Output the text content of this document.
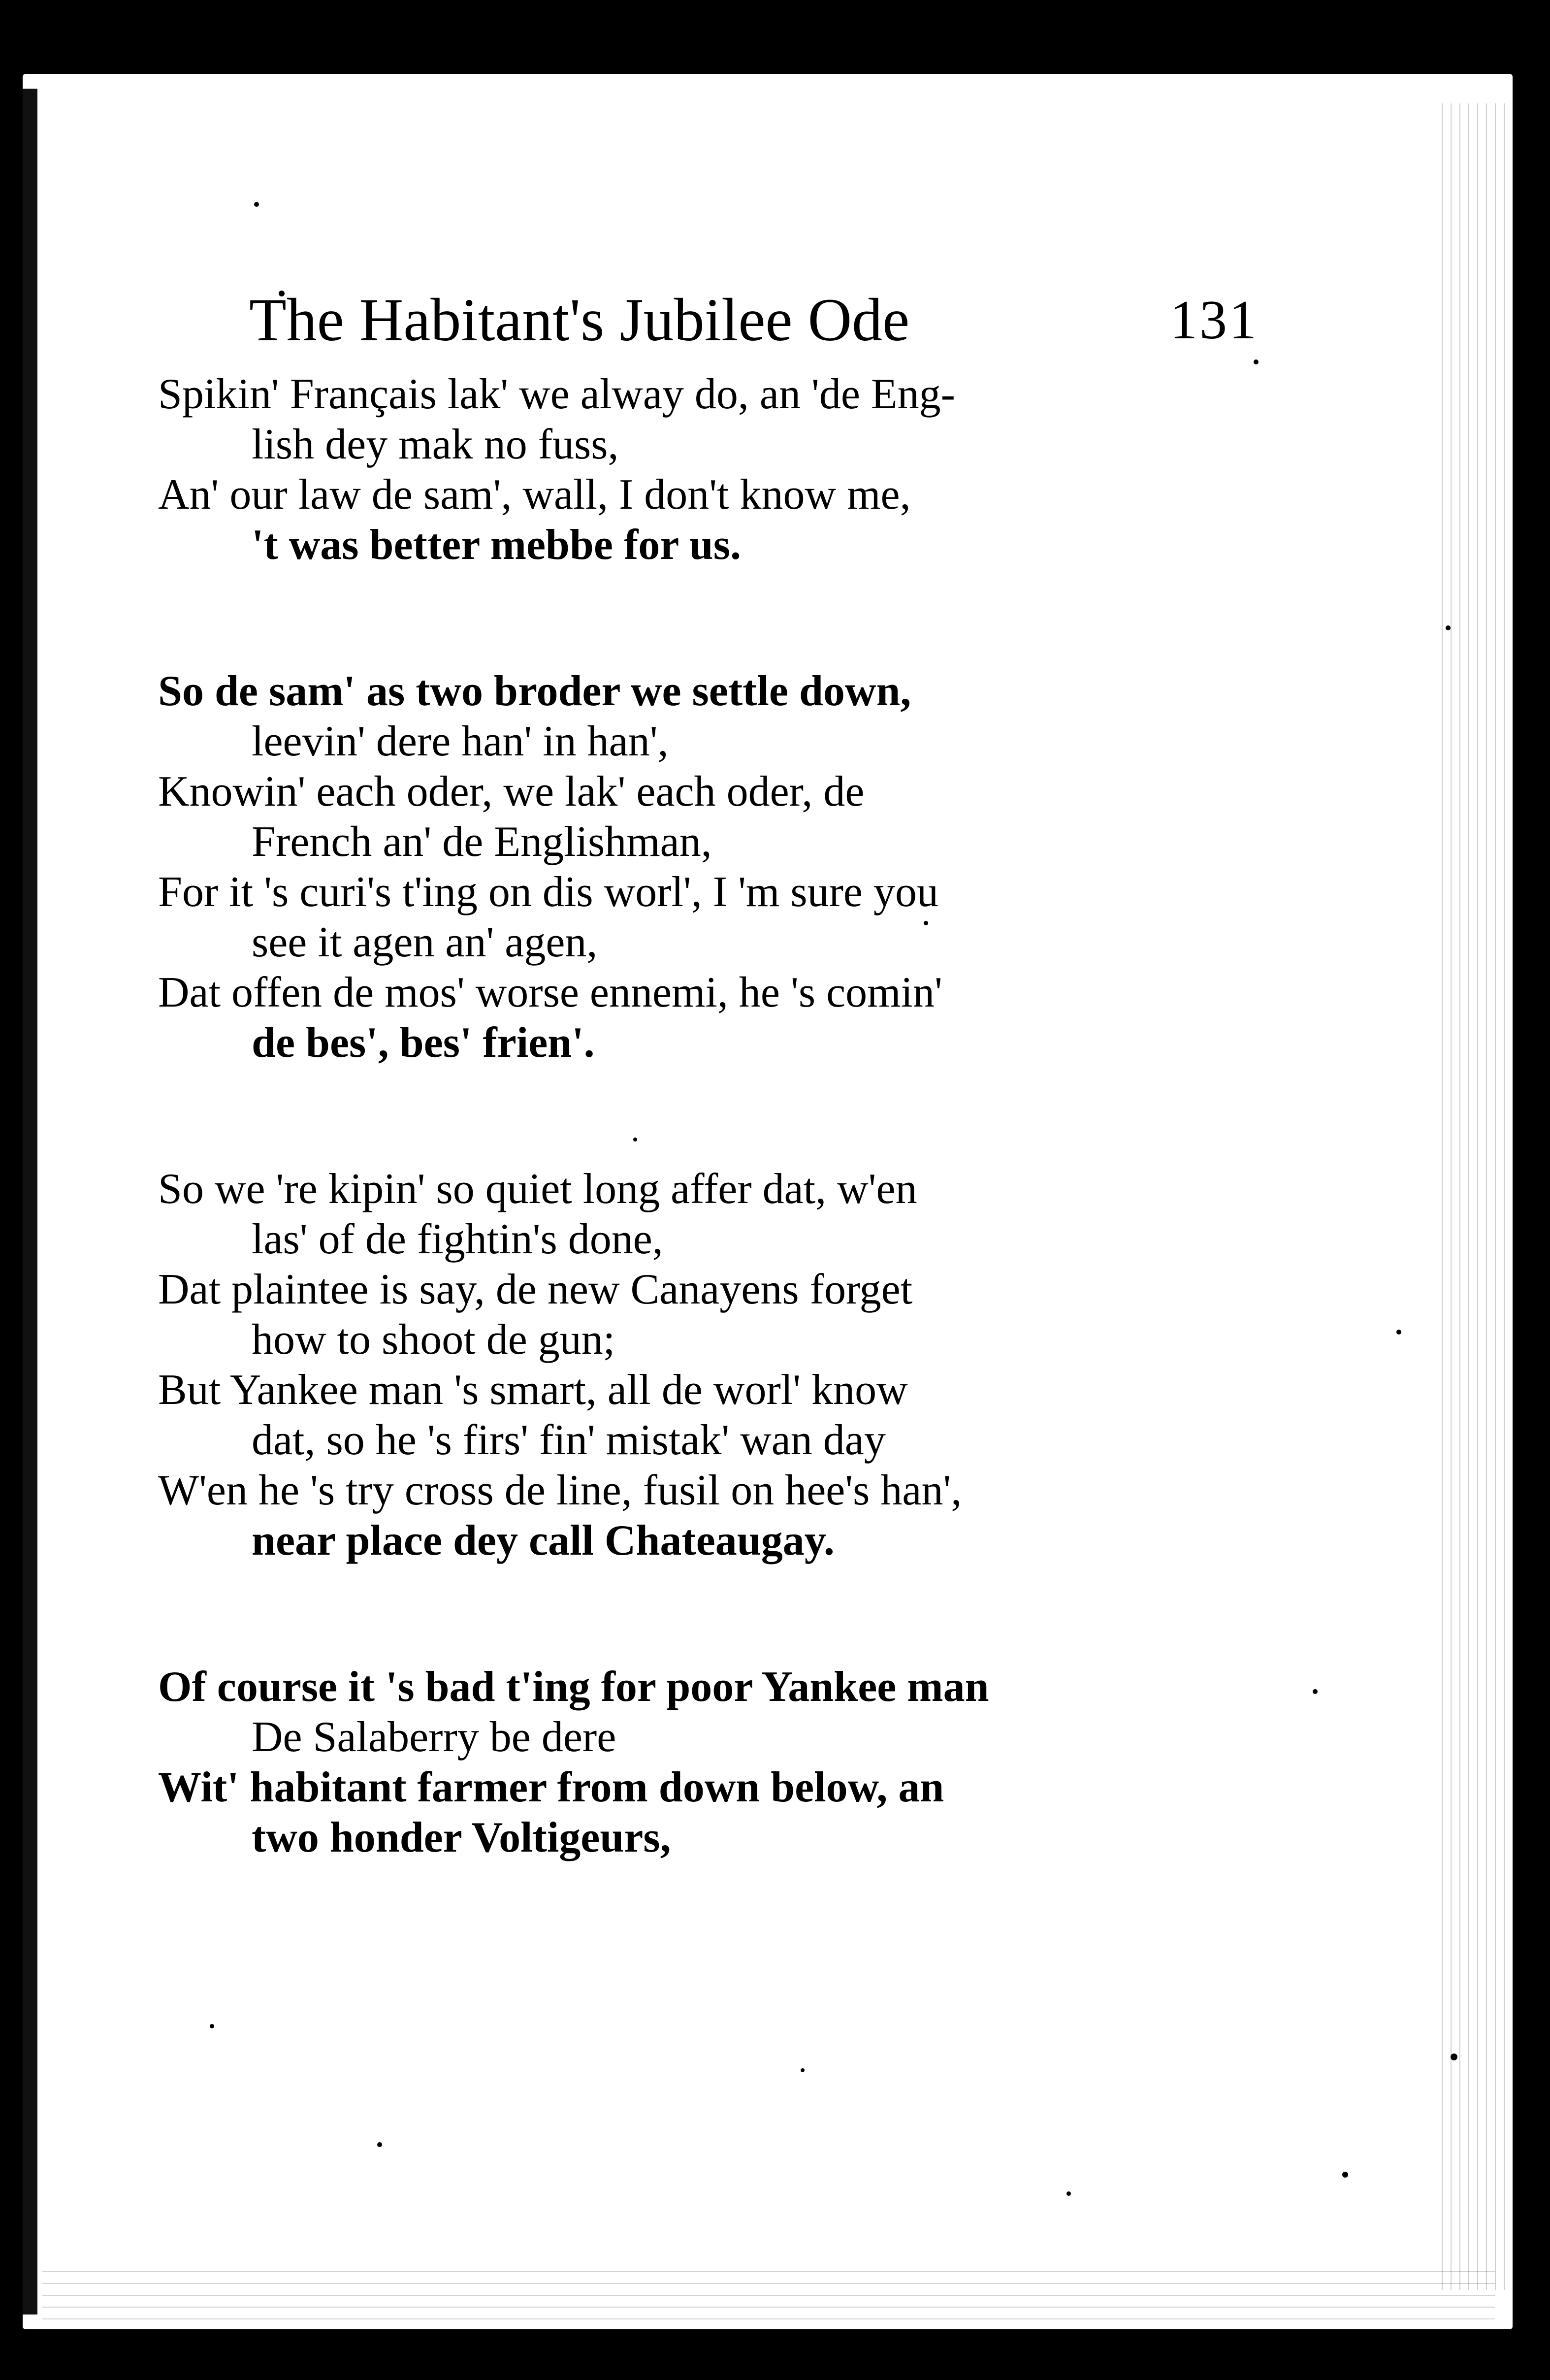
The Habitant's Jubilee Ode	131
Spikin' Français lak' we alway do, an 'de Eng-
lish dey mak no fuss,
An' our law de sam', wall, I don't know me,
't was better mebbe for us.
So de sam' as two broder we settle down,
leevin' dere han' in han',
Knowin' each oder, we lak' each oder, de
French an' de Englishman,
For it 's curi's t'ing on dis worl', I 'm sure you
see it agen an' agen,
Dat offen de mos' worse ennemi, he 's comin'
de bes', bes' frien'.
So we 're kipin' so quiet long affer dat, w'en
las' of de fightin's done,
Dat plaintee is say, de new Canayens forget
how to shoot de gun;
But Yankee man 's smart, all de worl' know
dat, so he 's firs' fin' mistak' wan day
W'en he 's try cross de line, fusil on hee's han',
near place dey call Chateaugay.
Of course it 's bad t'ing for poor Yankee man
De Salaberry be dere
Wit' habitant farmer from down below, an
two honder Voltigeurs,
